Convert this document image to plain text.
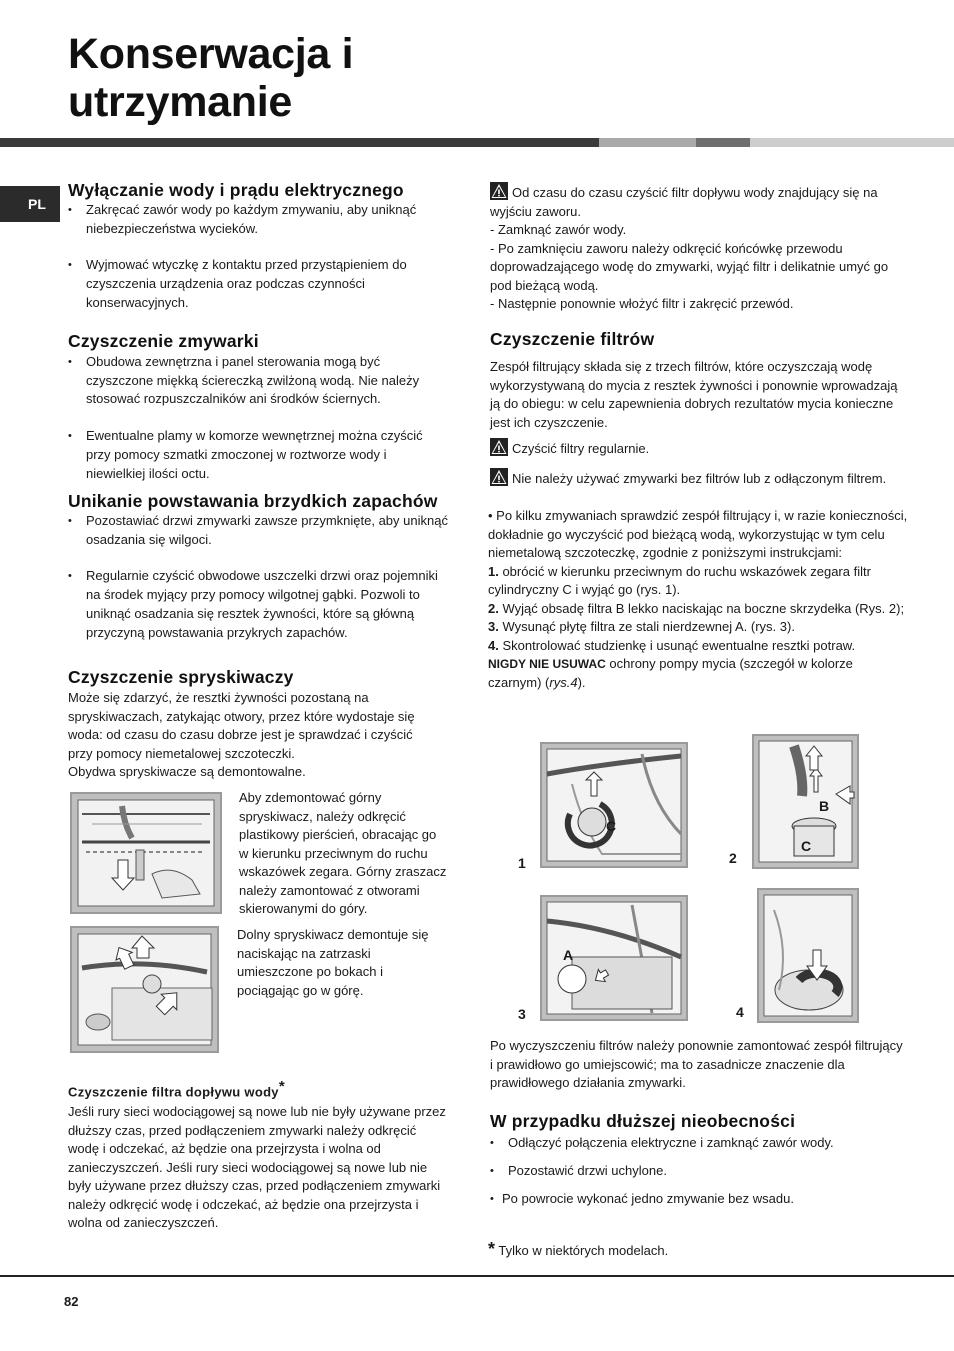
Konserwacja i utrzymanie
PL
Wyłączanie wody i prądu elektrycznego
• Zakręcać zawór wody po każdym zmywaniu, aby uniknąć niebezpieczeństwa wycieków.
• Wyjmować wtyczkę z kontaktu przed przystąpieniem do czyszczenia urządzenia oraz podczas czynności konserwacyjnych.
Czyszczenie zmywarki
• Obudowa zewnętrzna i panel sterowania mogą być czyszczone miękką ściereczką zwilżoną wodą. Nie należy stosować rozpuszczalników ani środków ściernych.
• Ewentualne plamy w komorze wewnętrznej można czyścić przy pomocy szmatki zmoczonej w roztworze wody i niewielkiej ilości octu.
Unikanie powstawania brzydkich zapachów
• Pozostawiać drzwi zmywarki zawsze przymknięte, aby uniknąć osadzania się wilgoci.
• Regularnie czyścić obwodowe uszczelki drzwi oraz pojemniki na środek myjący przy pomocy wilgotnej gąbki. Pozwoli to uniknąć osadzania się resztek żywności, które są główną przyczyną powstawania przykrych zapachów.
Czyszczenie spryskiwaczy
Może się zdarzyć, że resztki żywności pozostaną na
spryskiwaczach, zatykając otwory, przez które wydostaje się
woda: od czasu do czasu dobrze jest je sprawdzać i czyścić
przy pomocy niemetalowej szczoteczki.
Obydwa spryskiwacze są demontowalne.
Aby zdemontować górny spryskiwacz, należy odkręcić plastikowy pierścień, obracając go w kierunku przeciwnym do ruchu wskazówek zegara. Górny zraszacz należy zamontować z otworami skierowanymi do góry.
Dolny spryskiwacz demontuje się naciskając na zatrzaski umieszczone po bokach i pociągając go w górę.
Czyszczenie filtra dopływu wody*
Jeśli rury sieci wodociągowej są nowe lub nie były używane przez dłuższy czas, przed podłączeniem zmywarki należy odkręcić wodę i odczekać, aż będzie ona przejrzysta i wolna od zanieczyszczeń. Jeśli rury sieci wodociągowej są nowe lub nie były używane przez dłuższy czas, przed podłączeniem zmywarki należy odkręcić wodę i odczekać, aż będzie ona przejrzysta i wolna od zanieczyszczeń.
Od czasu do czasu czyścić filtr dopływu wody znajdujący się na wyjściu zaworu.
- Zamknąć zawór wody.
- Po zamknięciu zaworu należy odkręcić końcówkę przewodu doprowadzającego wodę do zmywarki, wyjąć filtr i delikatnie umyć go pod bieżącą wodą.
- Następnie ponownie włożyć filtr i zakręcić przewód.
Czyszczenie filtrów
Zespół filtrujący składa się z trzech filtrów, które oczyszczają wodę wykorzystywaną do mycia z resztek żywności i ponownie wprowadzają ją do obiegu: w celu zapewnienia dobrych rezultatów mycia konieczne jest ich czyszczenie.
Czyścić filtry regularnie.
Nie należy używać zmywarki bez filtrów lub z odłączonym filtrem.
• Po kilku zmywaniach sprawdzić zespół filtrujący i, w razie konieczności, dokładnie go wyczyścić pod bieżącą wodą, wykorzystując w tym celu niemetalową szczoteczkę, zgodnie z poniższymi instrukcjami:
1. obrócić w kierunku przeciwnym do ruchu wskazówek zegara filtr cylindryczny C i wyjąć go (rys. 1).
2. Wyjąć obsadę filtra B lekko naciskając na boczne skrzydełka (Rys. 2);
3. Wysunąć płytę filtra ze stali nierdzewnej A. (rys. 3).
4. Skontrolować studzienkę i usunąć ewentualne resztki potraw.
NIGDY NIE USUWAC ochrony pompy mycia (szczegół w kolorze czarnym) (rys.4).
C
B
C
A
1	2
3	4
Po wyczyszczeniu filtrów należy ponownie zamontować zespół filtrujący i prawidłowo go umiejscowić; ma to zasadnicze znaczenie dla prawidłowego działania zmywarki.
W przypadku dłuższej nieobecności
• Odłączyć połączenia elektryczne i zamknąć zawór wody.
• Pozostawić drzwi uchylone.
• Po powrocie wykonać jedno zmywanie bez wsadu.
* Tylko w niektórych modelach.
82
